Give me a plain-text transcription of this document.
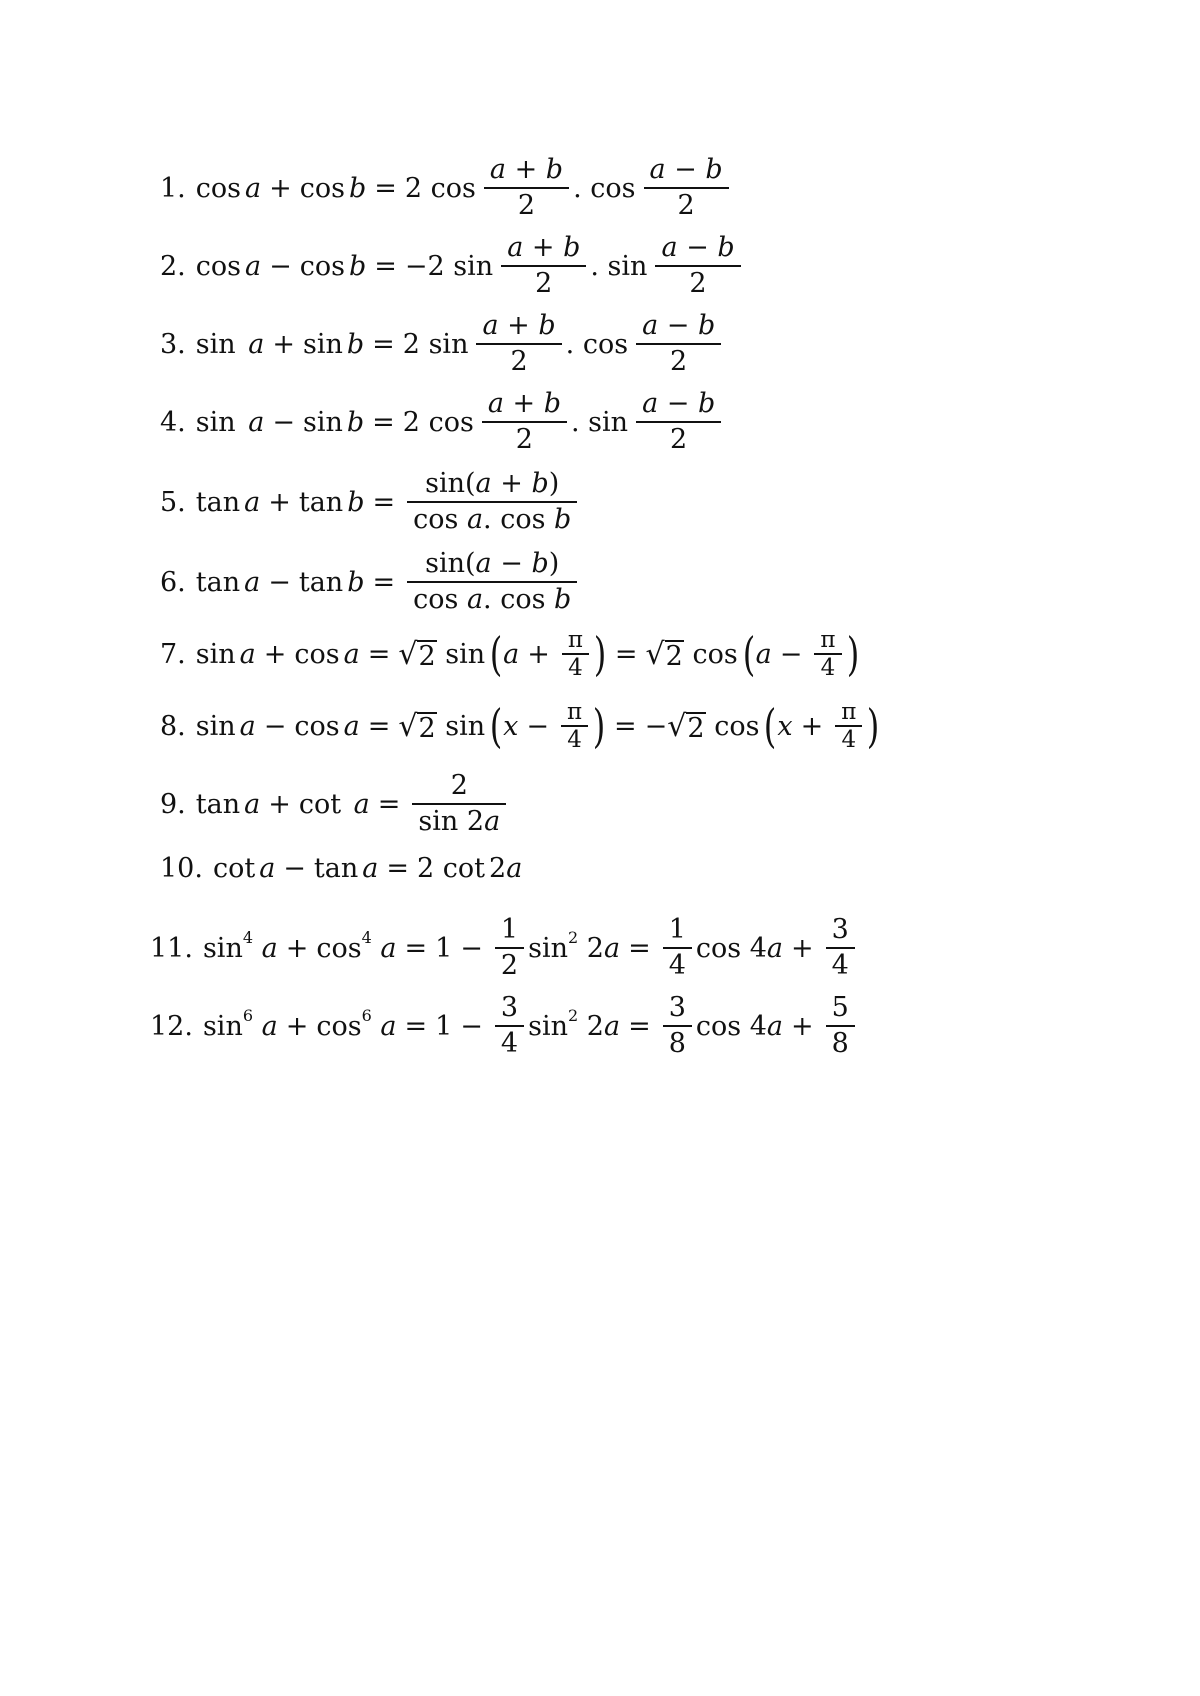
1. cos a + cos b = 2
$\cos \frac{a + b}{2}$ .
$\cos \frac{a - b}{2}$
2. cos a − cos b = −2
$\sin \frac{a + b}{2}$ .
$\sin \frac{a - b}{2}$
3. sin
a + sin b = 2
$\sin \frac{a + b}{2}$ .
$\cos \frac{a - b}{2}$
4. sin
a − sin b = 2
$\cos \frac{a + b}{2}$ .
$\sin \frac{a - b}{2}$
5. $\tan a + \tan b = \frac{\sin(a + b)}{\text{cos a. cos b}}$
6. $\tan a - \tan b = \frac{\sin(a - b)}{\text{cos a. cos b}}$
7. sin a + cos a = √ 2
sin ( $a + \frac{\pi}{4}$ ) = √ 2
cos ( $a - \frac{\pi}{4}$ )
8. sin a − cos a = √ 2
sin ( $x - \frac{\pi}{4}$ ) = − √ 2
cos ( $x + \frac{\pi}{4}$ )
9. tan a + cot
$a = \frac{2}{\sin 2a}$
10. cot a − tan a = 2
cot 2a
11. $\sin^4$
$a + \cos^4$
$a = 1 - \frac{1}{2} \sin^2$
$2a = \frac{1}{4}$ $\cos 4a + \frac{3}{4}$
12. $\sin^6$
$a + \cos^6$
$a = 1 - \frac{3}{4} \sin^2$
$2a = \frac{3}{8}$ $\cos 4a + \frac{5}{8}$
